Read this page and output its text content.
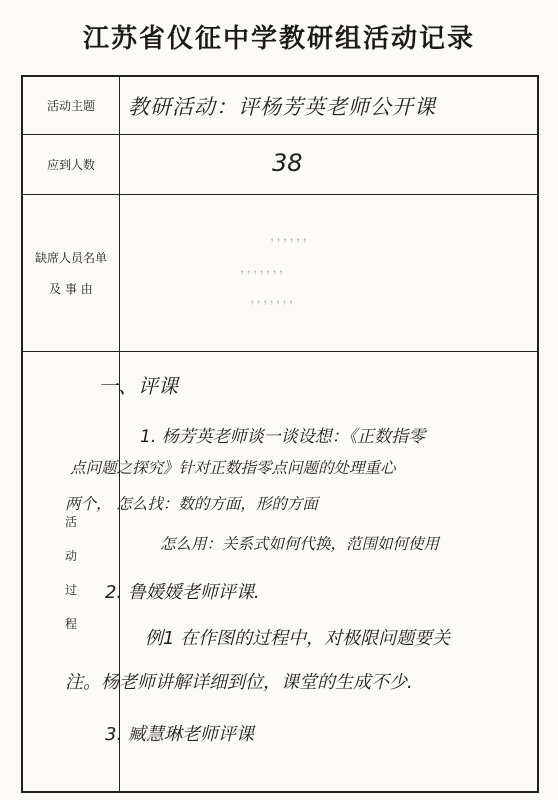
江苏省仪征中学教研组活动记录
活动主题	教研活动：评杨芳英老师公开课
应到人数	38
缺席人员名单
及 事 由
，，，，，，
，，，，，，，
，，，，，，，
活
动
过
程
一、评课
1. 杨芳英老师谈一谈设想：《正数指零
点问题之探究》针对正数指零点问题的处理重心
两个， 怎么找：数的方面，形的方面
怎么用：关系式如何代换，范围如何使用
2. 鲁媛媛老师评课.
例1 在作图的过程中，对极限问题要关
注。杨老师讲解详细到位，课堂的生成不少.
3. 臧慧琳老师评课
